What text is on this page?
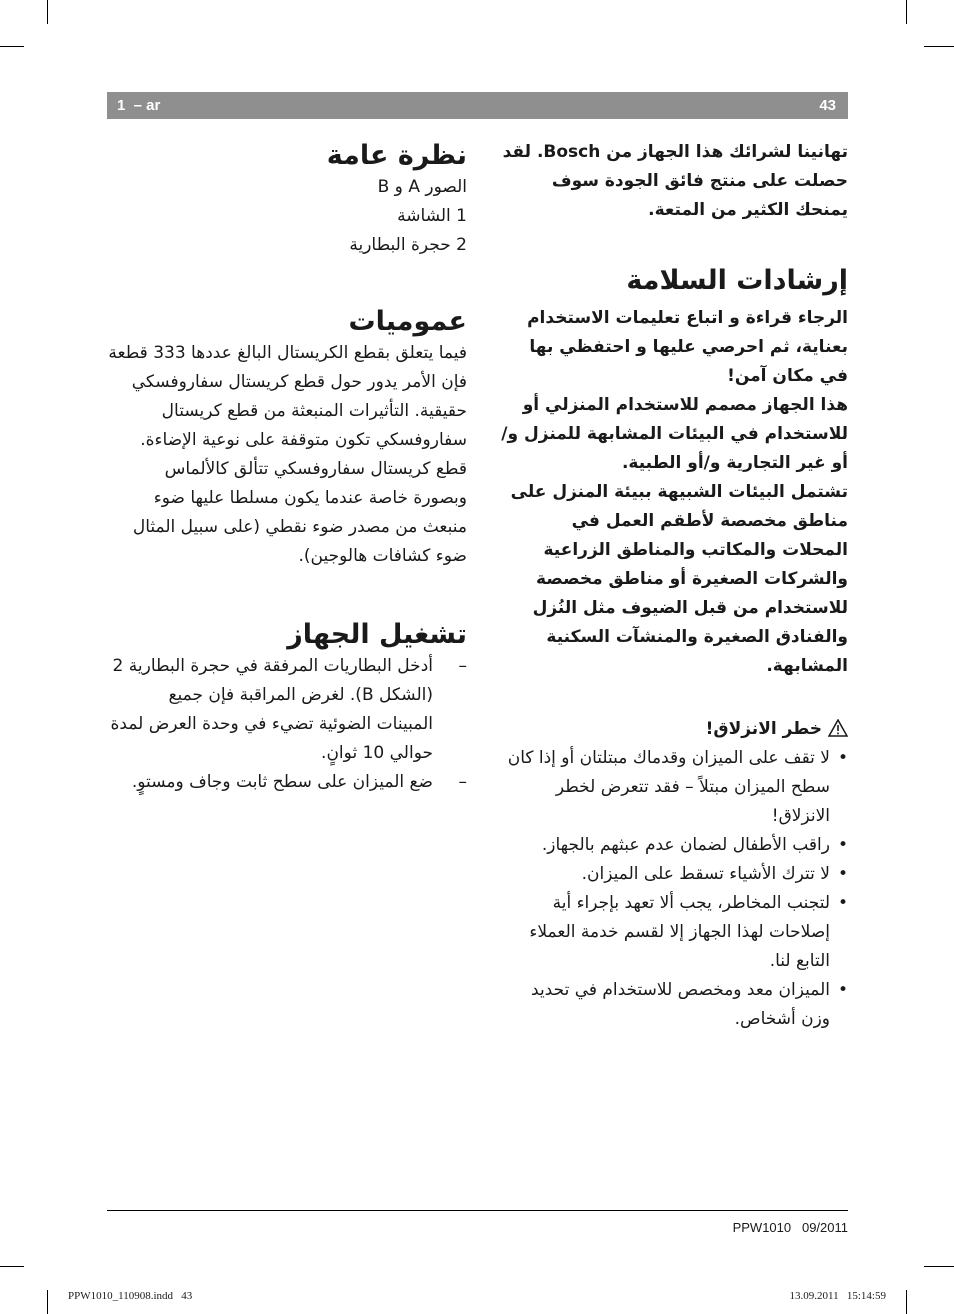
1  – ar	43

تهانينا لشرائك هذا الجهاز من Bosch. لقد حصلت على منتج فائق الجودة سوف يمنحك الكثير من المتعة.

إرشادات السلامة

الرجاء قراءة و اتباع تعليمات الاستخدام بعناية، ثم احرصي عليها و احتفظي بها في مكان آمن!

هذا الجهاز مصمم للاستخدام المنزلي أو للاستخدام في البيئات المشابهة للمنزل و/أو غير التجارية و/أو الطبية.

تشتمل البيئات الشبيهة ببيئة المنزل على مناطق مخصصة لأطقم العمل في المحلات والمكاتب والمناطق الزراعية والشركات الصغيرة أو مناطق مخصصة للاستخدام من قبل الضيوف مثل النُزل والفنادق الصغيرة والمنشآت السكنية المشابهة.

خطر الانزلاق!

•
لا تقف على الميزان وقدماك مبتلتان أو إذا كان سطح الميزان مبتلاً – فقد تتعرض لخطر الانزلاق!
•
راقب الأطفال لضمان عدم عبثهم بالجهاز.
•
لا تترك الأشياء تسقط على الميزان.
•
لتجنب المخاطر، يجب ألا تعهد بإجراء أية إصلاحات لهذا الجهاز إلا لقسم خدمة العملاء التابع لنا.
•
الميزان معد ومخصص للاستخدام في تحديد وزن أشخاص.
نظرة عامة

الصور A و B

1 الشاشة

2 حجرة البطارية

عموميات

فيما يتعلق بقطع الكريستال البالغ عددها 333 قطعة فإن الأمر يدور حول قطع كريستال سفاروفسكي حقيقية. التأثيرات المنبعثة من قطع كريستال سفاروفسكي تكون متوقفة على نوعية الإضاءة.

قطع كريستال سفاروفسكي تتألق كالألماس وبصورة خاصة عندما يكون مسلطا عليها ضوء منبعث من مصدر ضوء نقطي (على سبيل المثال ضوء كشافات هالوجين).

تشغيل الجهاز
–
أدخل البطاريات المرفقة في حجرة البطارية 2 (الشكل B). لغرض المراقبة فإن جميع المبينات الضوئية تضيء في وحدة العرض لمدة حوالي 10 ثوانٍ.
–
ضع الميزان على سطح ثابت وجاف ومستوٍ.
PPW1010   09/2011
PPW1010_110908.indd   43	13.09.2011   15:14:59
